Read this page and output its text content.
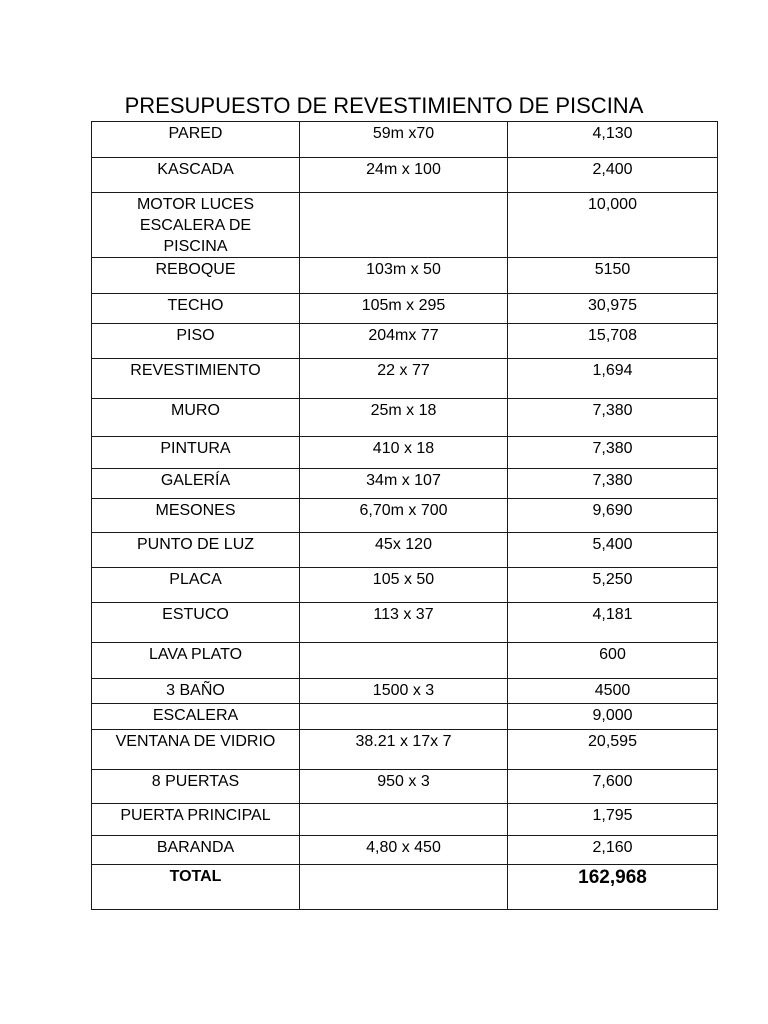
PRESUPUESTO DE REVESTIMIENTO DE PISCINA
PARED	59m x70	4,130
KASCADA	24m x 100	2,400
MOTOR LUCES ESCALERA DE PISCINA		10,000
REBOQUE	103m x 50	5150
TECHO	105m x 295	30,975
PISO	204mx 77	15,708
REVESTIMIENTO	22 x 77	1,694
MURO	25m x 18	7,380
PINTURA	410 x 18	7,380
GALERÍA	34m x 107	7,380
MESONES	6,70m x 700	9,690
PUNTO DE LUZ	45x 120	5,400
PLACA	105 x 50	5,250
ESTUCO	113 x 37	4,181
LAVA PLATO		600
3 BAÑO	1500 x 3	4500
ESCALERA		9,000
VENTANA DE VIDRIO	38.21 x 17x 7	20,595
8 PUERTAS	950 x 3	7,600
PUERTA PRINCIPAL		1,795
BARANDA	4,80 x 450	2,160
TOTAL		162,968
